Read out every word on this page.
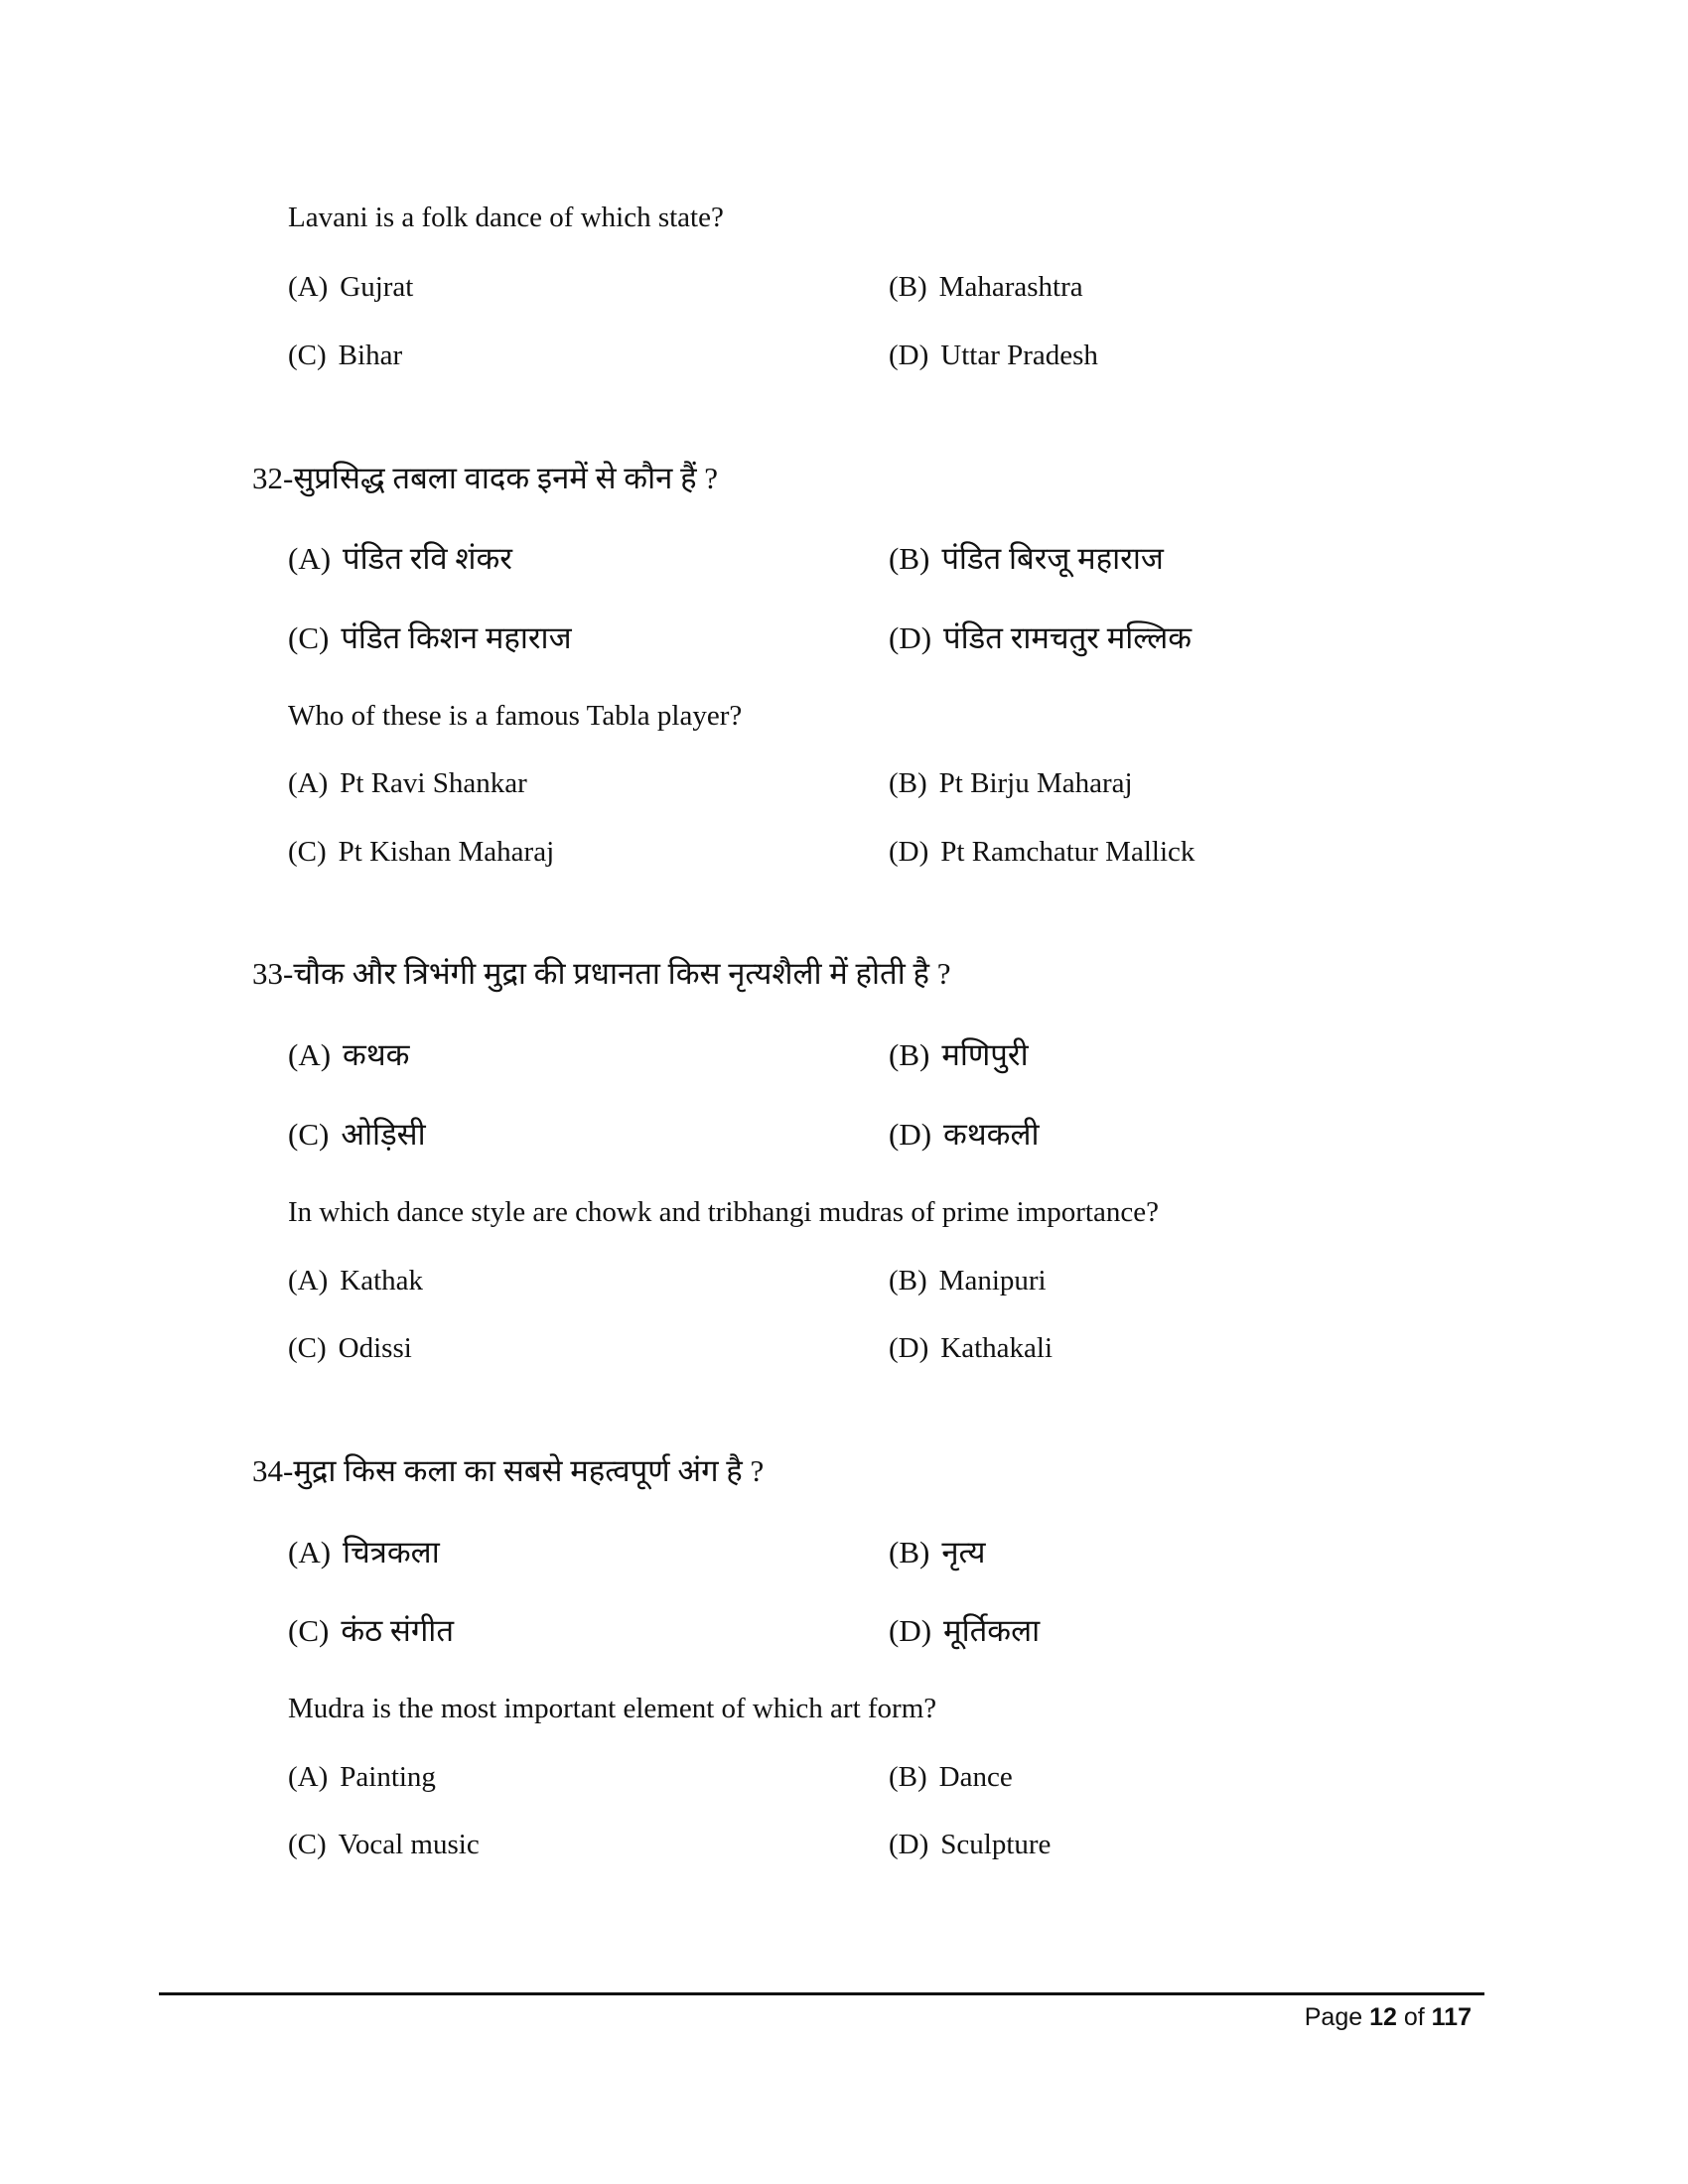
Lavani is a folk dance of which state?
(A) Gujrat	(B) Maharashtra
(C) Bihar	(D) Uttar Pradesh
32-सुप्रसिद्ध तबला वादक इनमें से कौन हैं ?
(A) पंडित रवि शंकर	(B) पंडित बिरजू महाराज
(C) पंडित किशन महाराज	(D) पंडित रामचतुर मल्लिक
Who of these is a famous Tabla player?
(A) Pt Ravi Shankar	(B) Pt Birju Maharaj
(C) Pt Kishan Maharaj	(D) Pt Ramchatur Mallick
33-चौक और त्रिभंगी मुद्रा की प्रधानता किस नृत्यशैली में होती है ?
(A) कथक	(B) मणिपुरी
(C) ओड़िसी	(D) कथकली
In which dance style are chowk and tribhangi mudras of prime importance?
(A) Kathak	(B) Manipuri
(C) Odissi	(D) Kathakali
34-मुद्रा किस कला का सबसे महत्वपूर्ण अंग है ?
(A) चित्रकला	(B) नृत्य
(C) कंठ संगीत	(D) मूर्तिकला
Mudra is the most important element of which art form?
(A) Painting	(B) Dance
(C) Vocal music	(D) Sculpture
Page 12 of 117
